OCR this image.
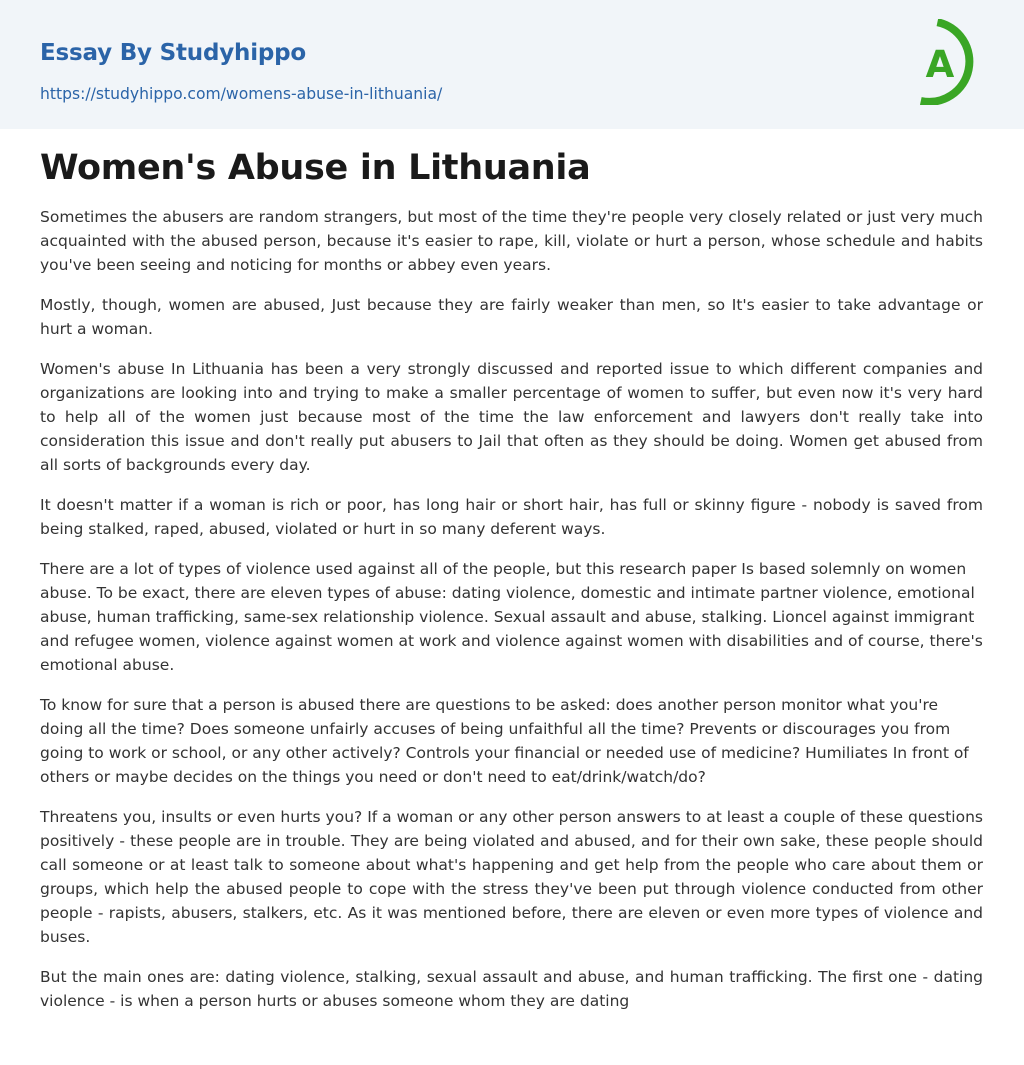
Essay By Studyhippo
https://studyhippo.com/womens-abuse-in-lithuania/
A
Women's Abuse in Lithuania

Sometimes the abusers are random strangers, but most of the time they're people very closely related or just very much acquainted with the abused person, because it's easier to rape, kill, violate or hurt a person, whose schedule and habits you've been seeing and noticing for months or abbey even years.

Mostly, though, women are abused, Just because they are fairly weaker than men, so It's easier to take advantage or hurt a woman.

Women's abuse In Lithuania has been a very strongly discussed and reported issue to which different companies and organizations are looking into and trying to make a smaller percentage of women to suffer, but even now it's very hard to help all of the women just because most of the time the law enforcement and lawyers don't really take into consideration this issue and don't really put abusers to Jail that often as they should be doing. Women get abused from all sorts of backgrounds every day.

It doesn't matter if a woman is rich or poor, has long hair or short hair, has full or skinny figure - nobody is saved from being stalked, raped, abused, violated or hurt in so many deferent ways.

There are a lot of types of violence used against all of the people, but this research paper Is based solemnly on women abuse. To be exact, there are eleven types of abuse: dating violence, domestic and intimate partner violence, emotional abuse, human trafficking, same-sex relationship violence. Sexual assault and abuse, stalking. Lioncel against immigrant and refugee women, violence against women at work and violence against women with disabilities and of course, there's emotional abuse.

To know for sure that a person is abused there are questions to be asked: does another person monitor what you're doing all the time? Does someone unfairly accuses of being unfaithful all the time? Prevents or discourages you from going to work or school, or any other actively? Controls your financial or needed use of medicine? Humiliates In front of others or maybe decides on the things you need or don't need to eat/drink/watch/do?

Threatens you, insults or even hurts you? If a woman or any other person answers to at least a couple of these questions positively - these people are in trouble. They are being violated and abused, and for their own sake, these people should call someone or at least talk to someone about what's happening and get help from the people who care about them or groups, which help the abused people to cope with the stress they've been put through violence conducted from other people - rapists, abusers, stalkers, etc. As it was mentioned before, there are eleven or even more types of violence and buses.

But the main ones are: dating violence, stalking, sexual assault and abuse, and human trafficking. The first one - dating violence - is when a person hurts or abuses someone whom they are dating
